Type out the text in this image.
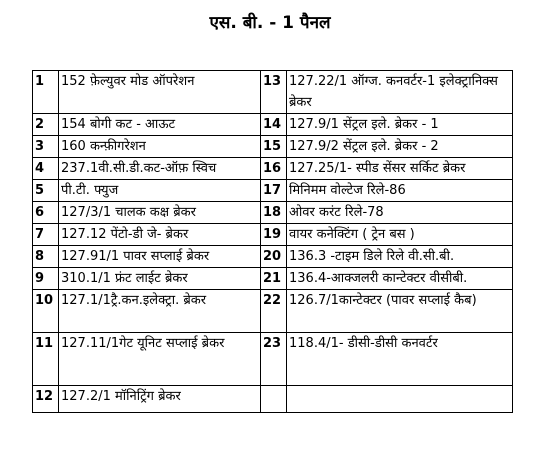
एस. बी. - 1 पैनल
1	152 फ़ेल्युवर मोड ऑपरेशन	13	127.22/1 ऑग्ज. कनवर्टर-1 इलेक्ट्रानिक्स ब्रेकर
2	154 बोगी कट - आऊट	14	127.9/1 सेंट्रल इले. ब्रेकर - 1
3	160 कन्फ़ीगरेशन	15	127.9/2 सेंट्रल इले. ब्रेकर - 2
4	237.1वी.सी.डी.कट-ऑफ़ स्विच	16	127.25/1- स्पीड सेंसर सर्किट ब्रेकर
5	पी.टी. फ्युज	17	मिनिमम वोल्टेज रिले-86
6	127/3/1 चालक कक्ष ब्रेकर	18	ओवर करंट रिले-78
7	127.12 पेंटो-डी जे- ब्रेकर	19	वायर कनेक्टिंग ( ट्रेन बस )
8	127.91/1 पावर सप्लाई ब्रेकर	20	136.3 -टाइम डिले रिले वी.सी.बी.
9	310.1/1 फ्रंट लाईट ब्रेकर	21	136.4-आक्जलरी कान्टेक्टर वीसीबी.
10	127.1/1ट्रै.कन.इलेक्ट्रा. ब्रेकर	22	126.7/1कान्टेक्टर (पावर सप्लाई कैब)
11	127.11/1गेट यूनिट सप्लाई ब्रेकर	23	118.4/1- डीसी-डीसी कनवर्टर
12	127.2/1 मॉनिट्रिंग ब्रेकर		
